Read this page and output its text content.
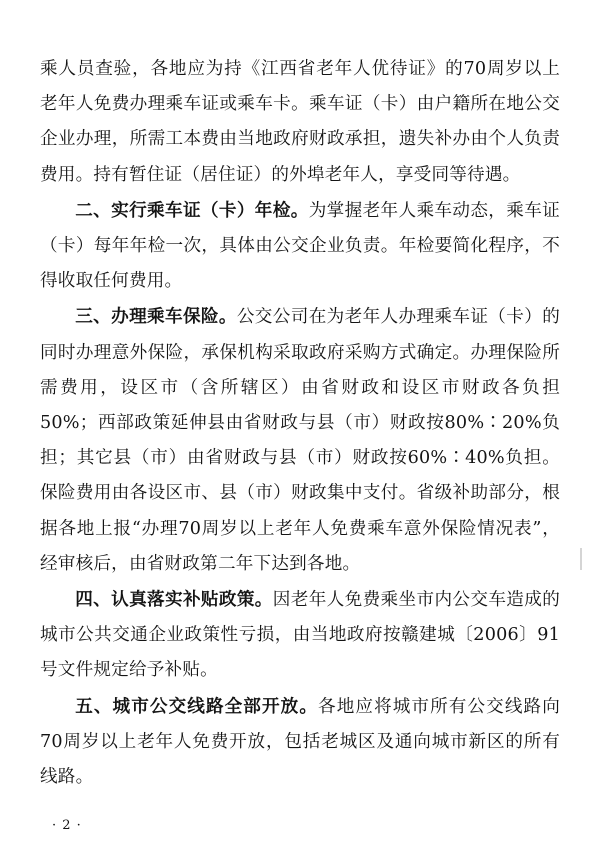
乘人员查验，各地应为持《江西省老年人优待证》的70周岁以上老年人免费办理乘车证或乘车卡。乘车证（卡）由户籍所在地公交企业办理，所需工本费由当地政府财政承担，遗失补办由个人负责费用。持有暂住证（居住证）的外埠老年人，享受同等待遇。

二、实行乘车证（卡）年检。为掌握老年人乘车动态，乘车证（卡）每年年检一次，具体由公交企业负责。年检要简化程序，不得收取任何费用。

三、办理乘车保险。公交公司在为老年人办理乘车证（卡）的同时办理意外保险，承保机构采取政府采购方式确定。办理保险所需费用，设区市（含所辖区）由省财政和设区市财政各负担50%；西部政策延伸县由省财政与县（市）财政按80%∶20%负担；其它县（市）由省财政与县（市）财政按60%∶40%负担。保险费用由各设区市、县（市）财政集中支付。省级补助部分，根据各地上报“办理70周岁以上老年人免费乘车意外保险情况表”，经审核后，由省财政第二年下达到各地。

四、认真落实补贴政策。因老年人免费乘坐市内公交车造成的城市公共交通企业政策性亏损，由当地政府按赣建城〔2006〕91号文件规定给予补贴。

五、城市公交线路全部开放。各地应将城市所有公交线路向70周岁以上老年人免费开放，包括老城区及通向城市新区的所有线路。

· 2 ·
